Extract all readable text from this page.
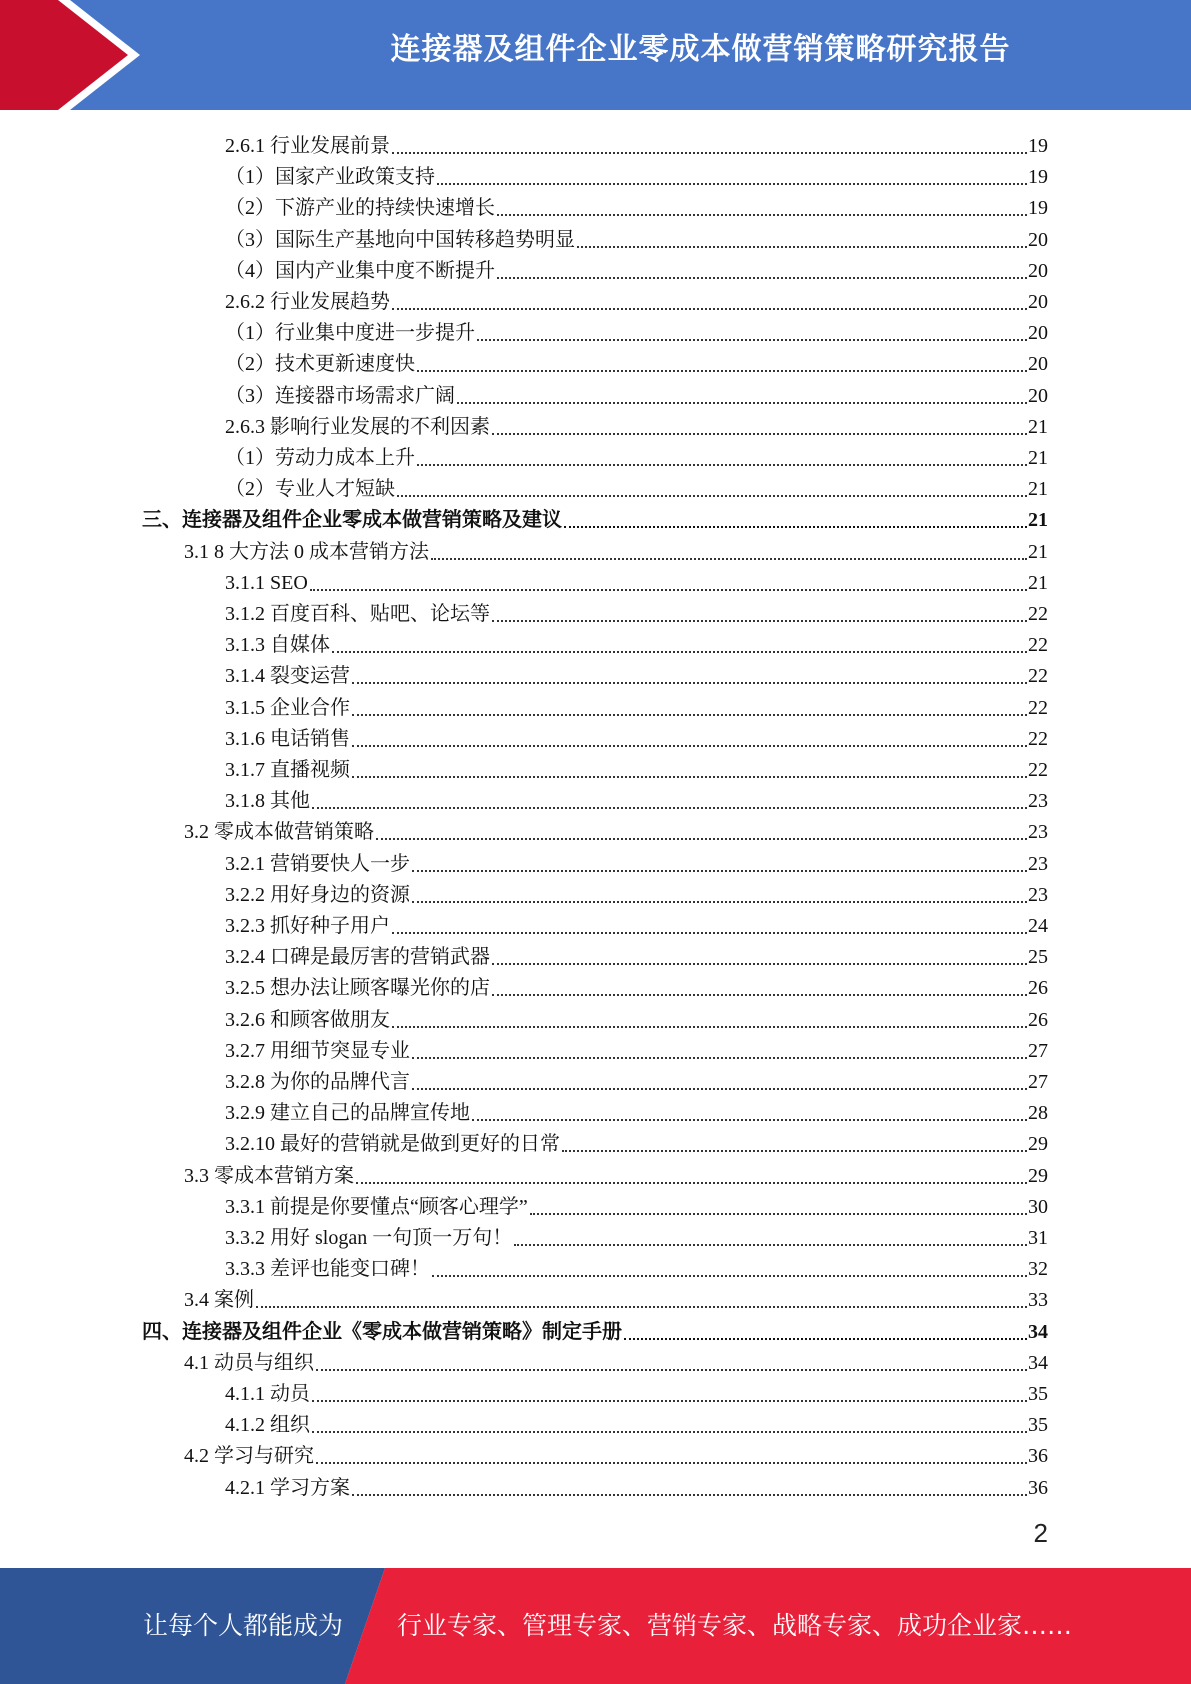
连接器及组件企业零成本做营销策略研究报告
2.6.1 行业发展前景	19
（1）国家产业政策支持	19
（2）下游产业的持续快速增长	19
（3）国际生产基地向中国转移趋势明显	20
（4）国内产业集中度不断提升	20
2.6.2 行业发展趋势	20
（1）行业集中度进一步提升	20
（2）技术更新速度快	20
（3）连接器市场需求广阔	20
2.6.3 影响行业发展的不利因素	21
（1）劳动力成本上升	21
（2）专业人才短缺	21
三、连接器及组件企业零成本做营销策略及建议	21
3.1 8 大方法 0 成本营销方法	21
3.1.1 SEO	21
3.1.2 百度百科、贴吧、论坛等	22
3.1.3 自媒体	22
3.1.4 裂变运营	22
3.1.5 企业合作	22
3.1.6 电话销售	22
3.1.7 直播视频	22
3.1.8 其他	23
3.2 零成本做营销策略	23
3.2.1 营销要快人一步	23
3.2.2 用好身边的资源	23
3.2.3 抓好种子用户	24
3.2.4 口碑是最厉害的营销武器	25
3.2.5 想办法让顾客曝光你的店	26
3.2.6 和顾客做朋友	26
3.2.7 用细节突显专业	27
3.2.8 为你的品牌代言	27
3.2.9 建立自己的品牌宣传地	28
3.2.10 最好的营销就是做到更好的日常	29
3.3 零成本营销方案	29
3.3.1 前提是你要懂点“顾客心理学”	30
3.3.2 用好 slogan 一句顶一万句！	31
3.3.3 差评也能变口碑！	32
3.4 案例	33
四、连接器及组件企业《零成本做营销策略》制定手册	34
4.1 动员与组织	34
4.1.1 动员	35
4.1.2 组织	35
4.2 学习与研究	36
4.2.1 学习方案	36
2
让每个人都能成为 行业专家、管理专家、营销专家、战略专家、成功企业家……
